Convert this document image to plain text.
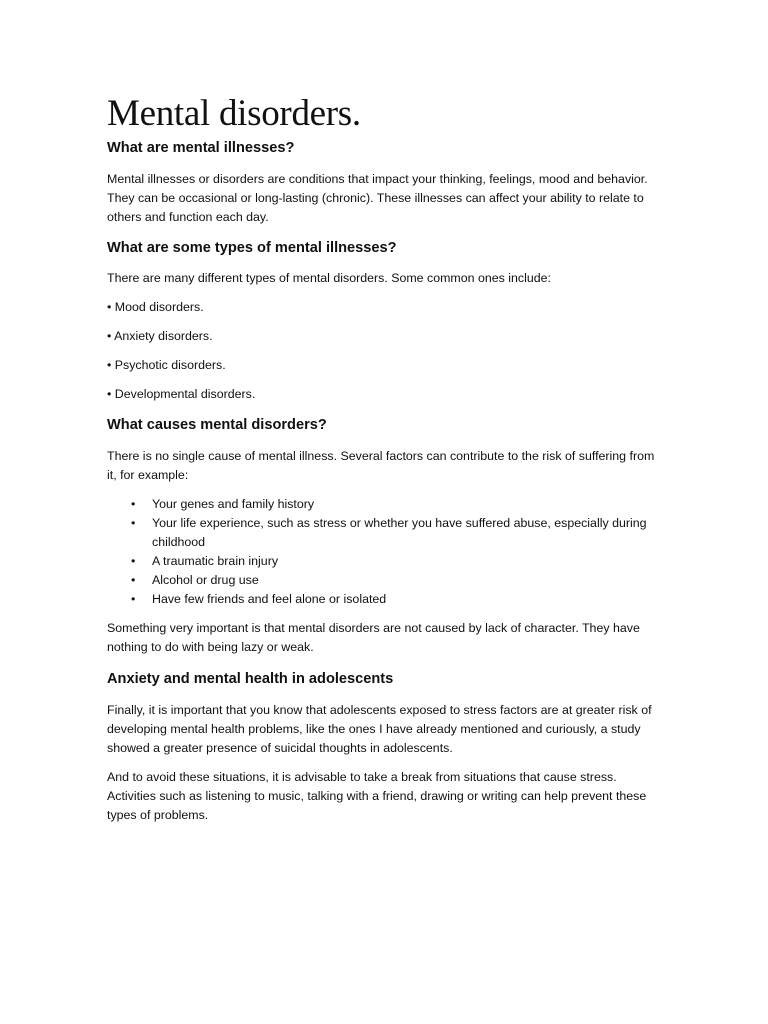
Mental disorders.
What are mental illnesses?

Mental illnesses or disorders are conditions that impact your thinking, feelings, mood and behavior. They can be occasional or long-lasting (chronic). These illnesses can affect your ability to relate to others and function each day.

What are some types of mental illnesses?

There are many different types of mental disorders. Some common ones include:

• Mood disorders.
• Anxiety disorders.
• Psychotic disorders.
• Developmental disorders.
What causes mental disorders?

There is no single cause of mental illness. Several factors can contribute to the risk of suffering from it, for example:

• Your genes and family history
• Your life experience, such as stress or whether you have suffered abuse, especially during childhood
• A traumatic brain injury
• Alcohol or drug use
• Have few friends and feel alone or isolated

Something very important is that mental disorders are not caused by lack of character. They have nothing to do with being lazy or weak.

Anxiety and mental health in adolescents

Finally, it is important that you know that adolescents exposed to stress factors are at greater risk of developing mental health problems, like the ones I have already mentioned and curiously, a study showed a greater presence of suicidal thoughts in adolescents.

And to avoid these situations, it is advisable to take a break from situations that cause stress. Activities such as listening to music, talking with a friend, drawing or writing can help prevent these types of problems.
